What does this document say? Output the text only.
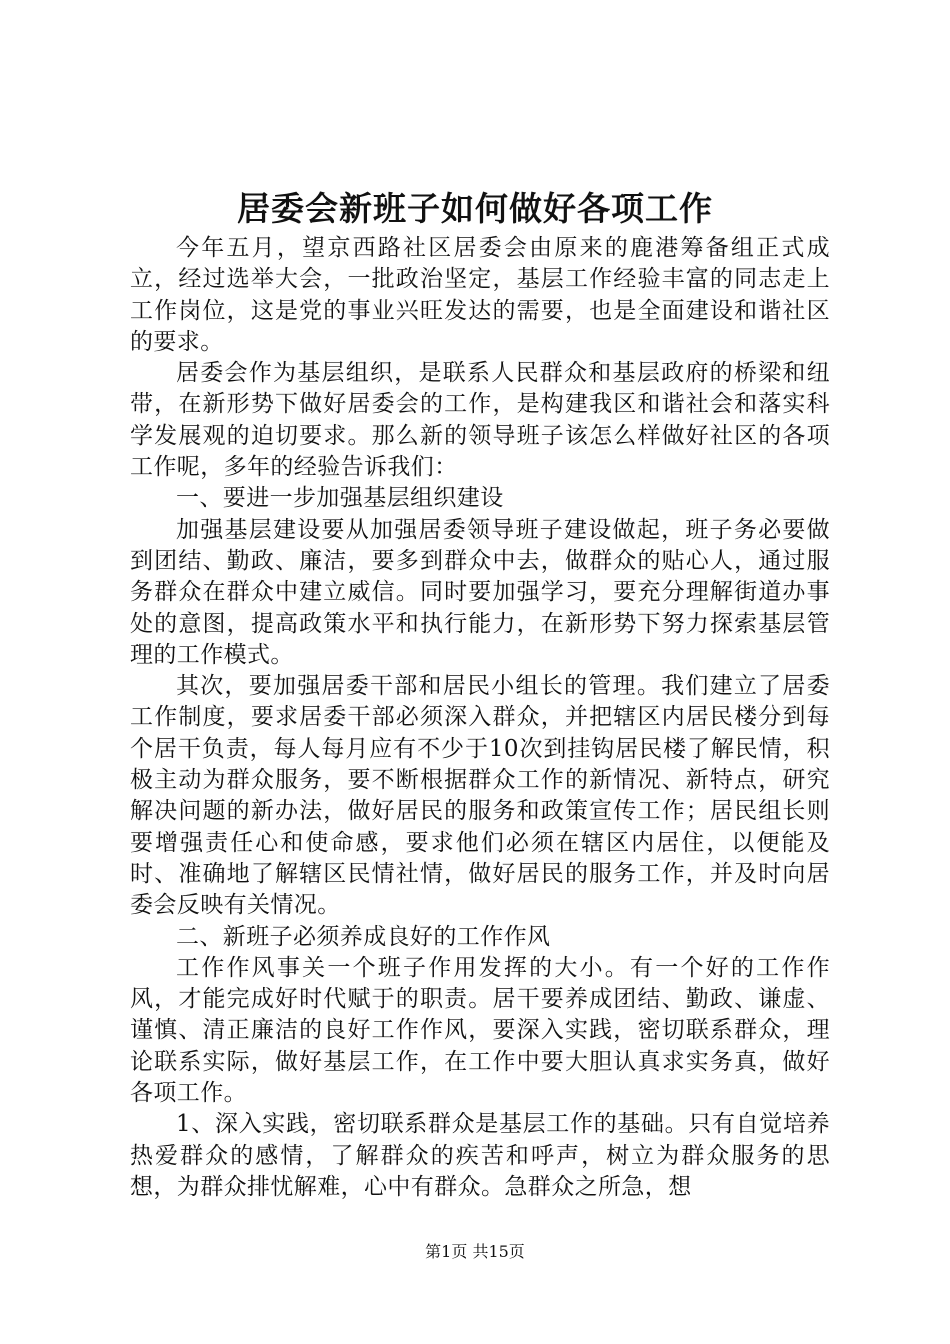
居委会新班子如何做好各项工作

今年五月，望京西路社区居委会由原来的鹿港筹备组正式成立，经过选举大会，一批政治坚定，基层工作经验丰富的同志走上工作岗位，这是党的事业兴旺发达的需要，也是全面建设和谐社区的要求。

居委会作为基层组织，是联系人民群众和基层政府的桥梁和纽带，在新形势下做好居委会的工作，是构建我区和谐社会和落实科学发展观的迫切要求。那么新的领导班子该怎么样做好社区的各项工作呢，多年的经验告诉我们：

一、要进一步加强基层组织建设

加强基层建设要从加强居委领导班子建设做起，班子务必要做到团结、勤政、廉洁，要多到群众中去，做群众的贴心人，通过服务群众在群众中建立威信。同时要加强学习，要充分理解街道办事处的意图，提高政策水平和执行能力，在新形势下努力探索基层管理的工作模式。

其次，要加强居委干部和居民小组长的管理。我们建立了居委工作制度，要求居委干部必须深入群众，并把辖区内居民楼分到每个居干负责，每人每月应有不少于10次到挂钩居民楼了解民情，积极主动为群众服务，要不断根据群众工作的新情况、新特点，研究解决问题的新办法，做好居民的服务和政策宣传工作；居民组长则要增强责任心和使命感，要求他们必须在辖区内居住，以便能及时、准确地了解辖区民情社情，做好居民的服务工作，并及时向居委会反映有关情况。

二、新班子必须养成良好的工作作风

工作作风事关一个班子作用发挥的大小。有一个好的工作作风，才能完成好时代赋于的职责。居干要养成团结、勤政、谦虚、谨慎、清正廉洁的良好工作作风，要深入实践，密切联系群众，理论联系实际，做好基层工作，在工作中要大胆认真求实务真，做好各项工作。

1、深入实践，密切联系群众是基层工作的基础。只有自觉培养热爱群众的感情，了解群众的疾苦和呼声，树立为群众服务的思想，为群众排忧解难，心中有群众。急群众之所急，想

第1页 共15页
